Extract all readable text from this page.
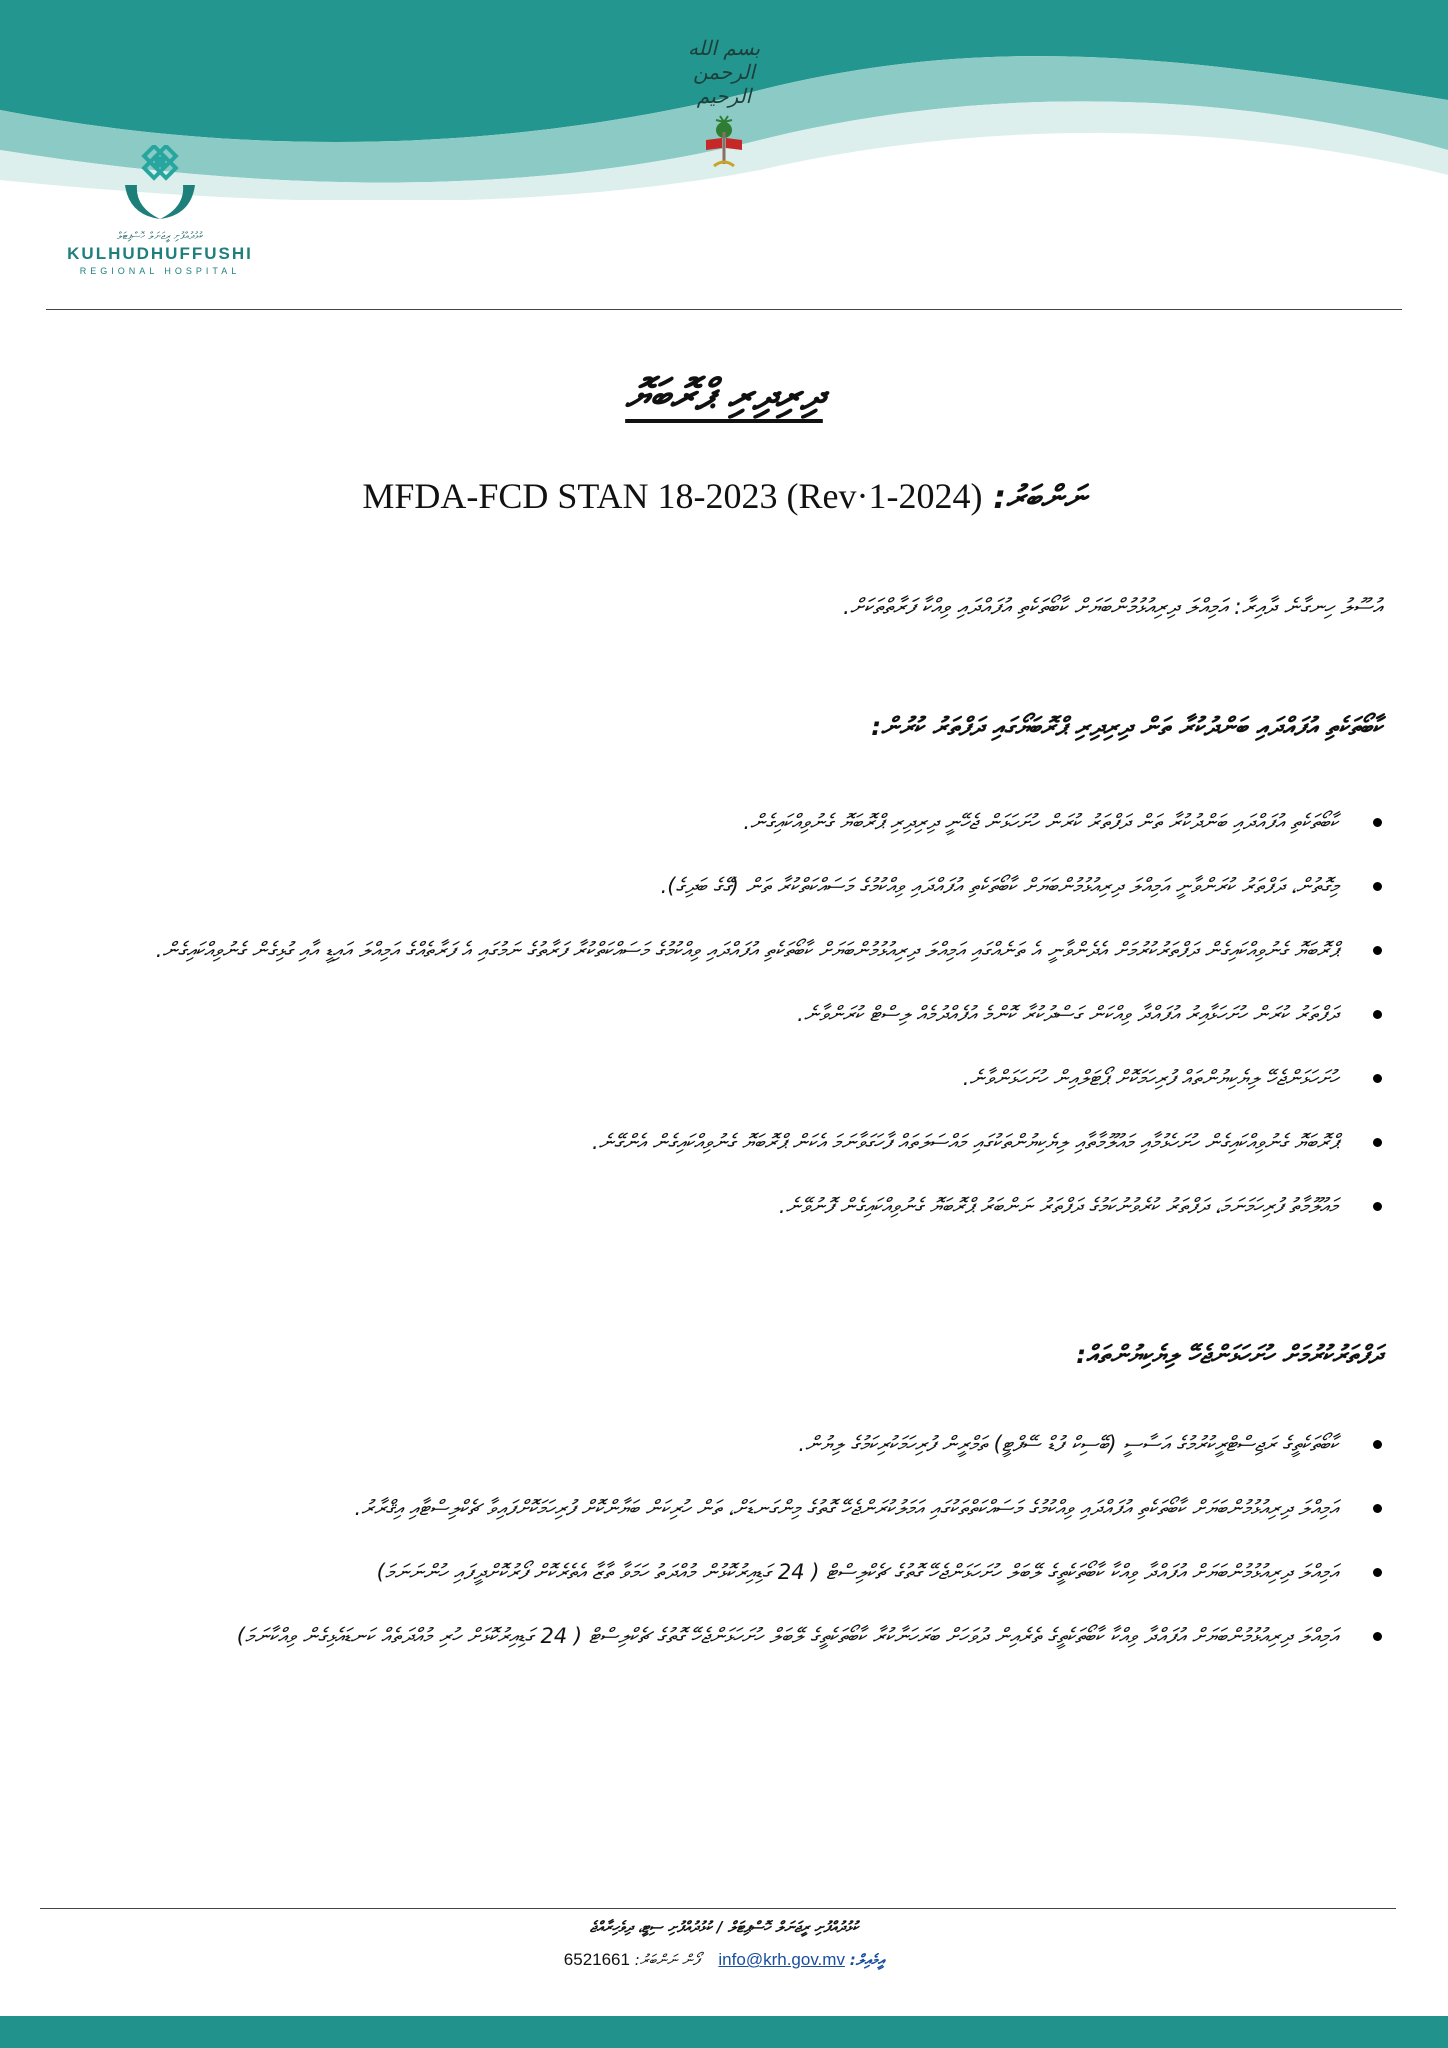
بسم الله الرحمن الرحيم
ކުޅުދުއްފުށި ރީޖަނަލް ހޮސްޕިޓަލް
KULHUDHUFFUSHI
REGIONAL HOSPITAL
ދިރިދިރި ޕްރޮބަޔޮ
ނަންބަރު: MFDA-FCD STAN 18-2023 (Rev·1-2024)
އުސޫލު ހިނގާނެ ދާއިރާ: އަމިއްލަ ދިރިއުޅުމުންބަޔަށް ކާބޯތަކެތި އުފައްދައި ވިއްކާ ފަރާތްތަކަށް.
ކާބޯތަކެތި އުފައްދައި ބަންދުކުރާ ތަން ދިރިދިރި ޕްރޮބަޔޯގައި ދަފްތަރު ކުރުން:
ކާބޯތަކެތި އުފައްދައި ބަންދުކުރާ ތަން ދަފްތަރު ކުރަން ހުށަހަޅަން ޖެހޭނީ ދިރިދިރި ޕްރޮބަޔޮ ގެނުވިއްކައިގެން.
މިގޮތުން، ދަފްތަރު ކުރަންވާނީ އަމިއްލަ ދިރިއުޅުމުންބަޔަށް ކާބޯތަކެތި އުފައްދައި ވިއްކުމުގެ މަސައްކަތްކުރާ ތަން (ގޭގެ ބަދިގެ).
ޕްރޮބަޔޮ ގެނުވިއްކައިގެން ދަފްތަރުކުރުމަށް އެދެންވާނީ އެ ތަނެއްގައި އަމިއްލަ ދިރިއުޅުމުންބަޔަށް ކާބޯތަކެތި އުފައްދައި ވިއްކުމުގެ މަސައްކަތްކުރާ ފަރާތުގެ ނަމުގައި އެ ފަރާތެއްގެ އަމިއްލަ އައިޑީ އާއި ގުޅިގެން ގެނުވިއްކައިގެން.
ދަފްތަރު ކުރަން ހުށަހަޅާއިރު އުފައްދާ ވިއްކަން ގަސްދުކުރާ ކޮންމެ އުފެއްދުމެއް ލިސްޓް ކުރަންވާނެ.
ހުށަހަޅަންޖެހޭ ލިޔެކިޔުންތައް ފުރިހަމަކޮށް ޕޯޓަލްއިން ހުށަހަޅަންވާނެ.
ޕްރޮބަޔޮ ގެނުވިއްކައިގެން ހުށަހެޅުމާއި މައުލޫމާތާއި ލިޔެކިޔުންތަކުގައި މައްސަލަތައް ފާހަގަވާނަމަ އެކަން ޕްރޮބަޔޮ ގެނުވިއްކައިގެން އެންގޭނެ.
މައުލޫމާތު ފުރިހަމަނަމަ، ދަފްތަރު ކުރެވުނުކަމުގެ ދަފްތަރު ނަންބަރު ޕްރޮބަޔޮ ގެނުވިއްކައިގެން ފޮނުވޭނެ.
ދަފްތަރުކުރުމަށް ހުށަހަޅަންޖެހޭ ލިޔެކިޔުންތައް:
ކާބޯތަކެތީގެ ރަޖިސްޓްރީކުރުމުގެ އަސާސީ (ބޭސިކް ފުޑް ސޭފްޓީ) ތަމްރީން ފުރިހަމަކުރިކަމުގެ ލިޔުން.
އަމިއްލަ ދިރިއުޅުމުންބަޔަށް ކާބޯތަކެތި އުފައްދައި ވިއްކުމުގެ މަސައްކަތްތަކުގައި އަމަލުކުރަންޖެހޭ ގޮތުގެ މިންގަނޑަށް، ތަން ހުރިކަން ބަޔާންކޮށް ފުރިހަމަކޮށްފައިވާ ޗެކްލިސްޓާއި އިޤްރާރު.
އަމިއްލަ ދިރިއުޅުމުންބަޔަށް އުފައްދާ ވިއްކާ ކާބޯތަކެތީގެ ލޭބަލް ހުށަހަޅަންޖެހޭ ގޮތުގެ ޗެކްލިސްޓް ( 24 ގަޑިއިރުކޮޅުން މުއްދަތު ހަމަވާ ތާޒާ އެތެރެކޮށް ފޯރުކޮށްދީފައި ހުންނަނަމަ)
އަމިއްލަ ދިރިއުޅުމުންބަޔަށް އުފައްދާ ވިއްކާ ކާބޯތަކެތީގެ ތެރެއިން ދުވަހަށް ބަރަހަނާކުރާ ކާބޯތަކެތީގެ ލޭބަލް ހުށަހަޅަންޖެހޭ ގޮތުގެ ޗެކްލިސްޓް ( 24 ގަޑިއިރުކޮޅަށް ހުރި މުއްދަތެއް ކަނޑައެޅިގެން ވިއްކާނަމަ)
ކުޅުދުއްފުށި ރީޖަނަލް ހޮސްޕިޓަލް / ކުޅުދުއްފުށި ސިޓީ، ދިވެހިރާއްޖެ
އީމެއިލް: info@krh.gov.mv    ފޯން ނަންބަރު: 6521661
